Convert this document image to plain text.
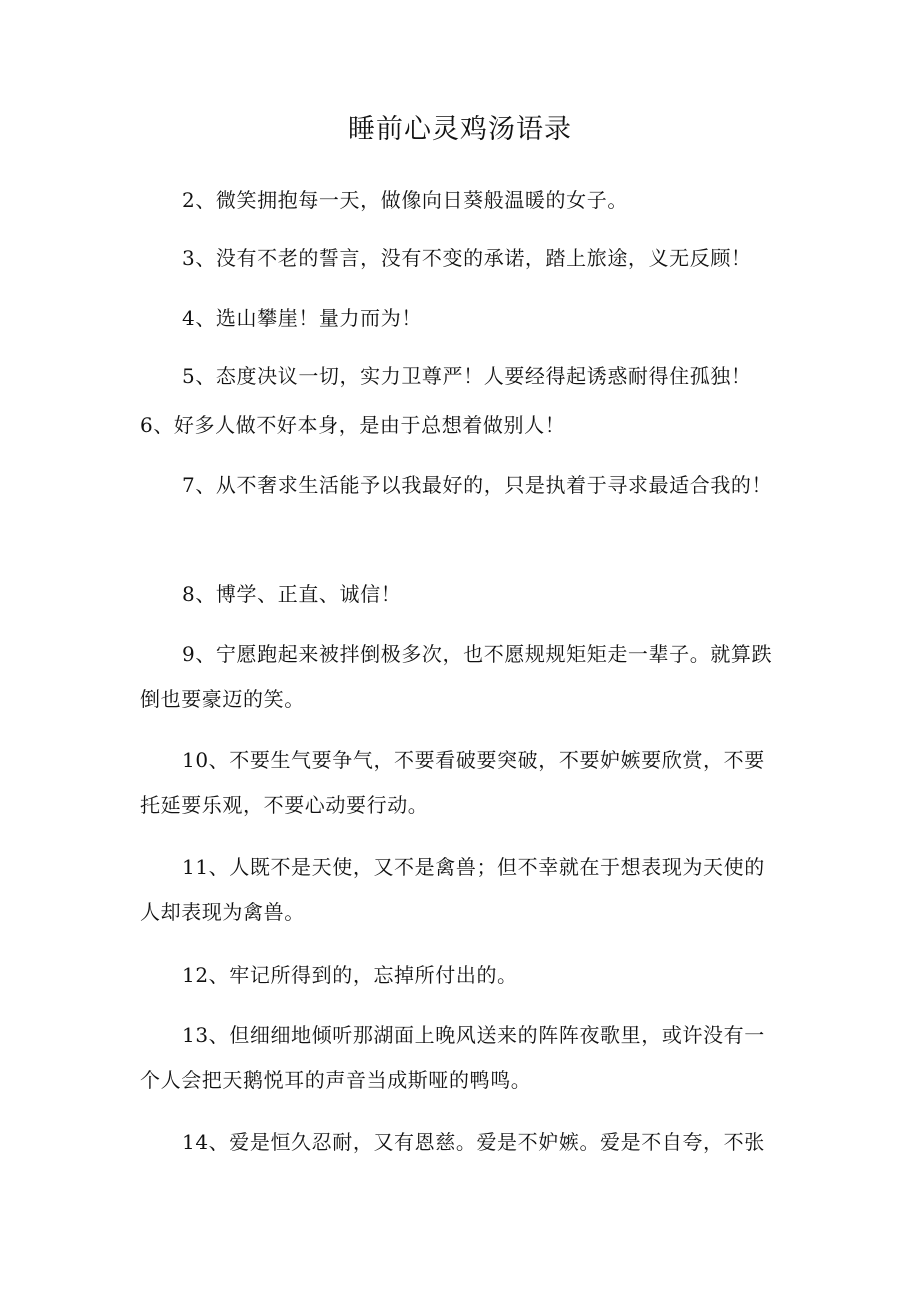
睡前心灵鸡汤语录

2、微笑拥抱每一天，做像向日葵般温暖的女子。

3、没有不老的誓言，没有不变的承诺，踏上旅途，义无反顾！

4、选山攀崖！量力而为！

5、态度决议一切，实力卫尊严！人要经得起诱惑耐得住孤独！

6、好多人做不好本身，是由于总想着做别人！

7、从不奢求生活能予以我最好的，只是执着于寻求最适合我的！

8、博学、正直、诚信！

9、宁愿跑起来被拌倒极多次，也不愿规规矩矩走一辈子。就算跌倒也要豪迈的笑。

10、不要生气要争气，不要看破要突破，不要妒嫉要欣赏，不要托延要乐观，不要心动要行动。

11、人既不是天使，又不是禽兽；但不幸就在于想表现为天使的人却表现为禽兽。

12、牢记所得到的，忘掉所付出的。

13、但细细地倾听那湖面上晚风送来的阵阵夜歌里，或许没有一个人会把天鹅悦耳的声音当成斯哑的鸭鸣。

14、爱是恒久忍耐，又有恩慈。爱是不妒嫉。爱是不自夸，不张
